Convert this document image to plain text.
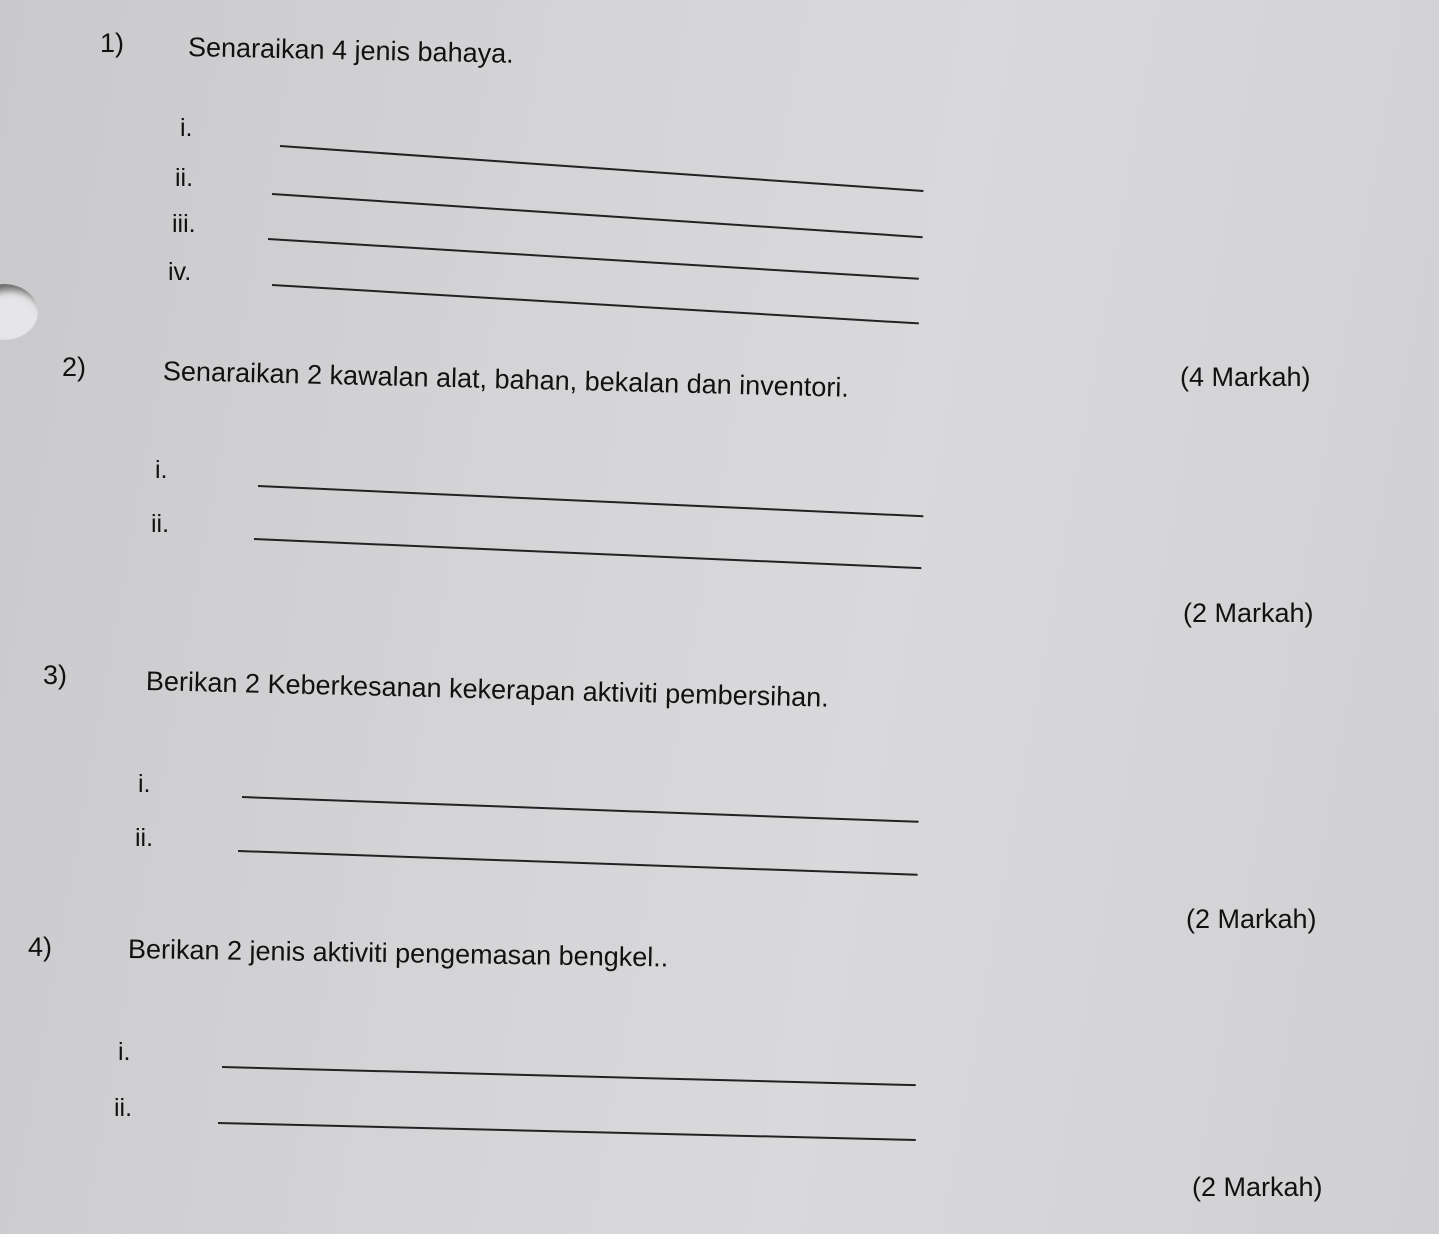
1) Senaraikan 4 jenis bahaya.
i.
ii.
iii.
iv.
(4 Markah)
2)	Senaraikan 2 kawalan alat, bahan, bekalan dan inventori.
i.
ii.
(2 Markah)
3)	Berikan 2 Keberkesanan kekerapan aktiviti pembersihan.
i.
ii.
(2 Markah)
4)	Berikan 2 jenis aktiviti pengemasan bengkel..
i.
ii.
(2 Markah)
